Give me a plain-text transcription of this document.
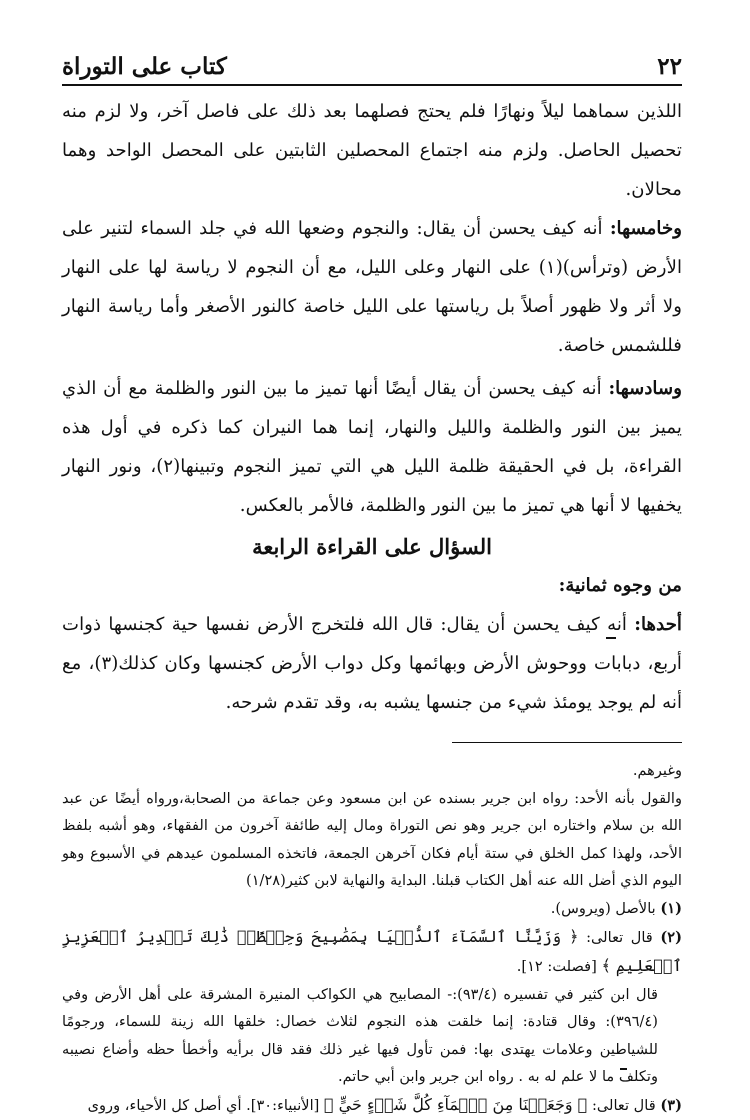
٢٢
كتاب على التوراة

اللذين سماهما ليلاً ونهارًا فلم يحتج فصلهما بعد ذلك على فاصل آخر، ولا لزم منه تحصيل الحاصل. ولزم منه اجتماع المحصلين الثابتين على المحصل الواحد وهما محالان.

وخامسها: أنه كيف يحسن أن يقال: والنجوم وضعها الله في جلد السماء لتنير على الأرض (وترأس)(١) على النهار وعلى الليل، مع أن النجوم لا رياسة لها على النهار ولا أثر ولا ظهور أصلاً بل رياستها على الليل خاصة كالنور الأصغر وأما رياسة النهار فللشمس خاصة.

وسادسها: أنه كيف يحسن أن يقال أيضًا أنها تميز ما بين النور والظلمة مع أن الذي يميز بين النور والظلمة والليل والنهار، إنما هما النيران كما ذكره في أول هذه القراءة، بل في الحقيقة ظلمة الليل هي التي تميز النجوم وتبينها(٢)، ونور النهار يخفيها لا أنها هي تميز ما بين النور والظلمة، فالأمر بالعكس.

السؤال على القراءة الرابعة
من وجوه ثمانية:

أحدها: أنه كيف يحسن أن يقال: قال الله فلتخرج الأرض نفسها حية كجنسها ذوات أربع، دبابات ووحوش الأرض وبهائمها وكل دواب الأرض كجنسها وكان كذلك(٣)، مع أنه لم يوجد يومئذ شيء من جنسها يشبه به، وقد تقدم شرحه.

وغيرهم.

والقول بأنه الأحد: رواه ابن جرير بسنده عن ابن مسعود وعن جماعة من الصحابة،ورواه أيضًا عن عبد الله بن سلام واختاره ابن جرير وهو نص التوراة ومال إليه طائفة آخرون من الفقهاء، وهو أشبه بلفظ الأحد، ولهذا كمل الخلق في ستة أيام فكان آخرهن الجمعة، فاتخذه المسلمون عيدهم في الأسبوع وهو اليوم الذي أضل الله عنه أهل الكتاب قبلنا. البداية والنهاية لابن كثير(١/٢٨)

(١) بالأصل (ويروس).

(٢) قال تعالى: ﴿ وَزَيَّنَّا ٱلسَّمَآءَ ٱلدُّنۡيَا بِمَصَٰبِيحَ وَحِفۡظًاۚ ذَٰلِكَ تَقۡدِيرُ ٱلۡعَزِيزِ ٱلۡعَلِيمِ ﴾ [فصلت: ١٢].

قال ابن كثير في تفسيره (٩٣/٤):- المصابيح هي الكواكب المنيرة المشرقة على أهل الأرض وفي (٣٩٦/٤): وقال قتادة: إنما خلقت هذه النجوم لثلاث خصال: خلقها الله زينة للسماء، ورجومًا للشياطين وعلامات يهتدى بها: فمن تأول فيها غير ذلك فقد قال برأيه وأخطأ حظه وأضاع نصيبه وتكلف ما لا علم له به . رواه ابن جرير وابن أبي حاتم.

(٣) قال تعالى: ﴿ وَجَعَلۡنَا مِنَ ٱلۡمَآءِ كُلَّ شَيۡءٍ حَيٍّ ﴾ [الأنبياء:٣٠]. أي أصل كل الأحياء، وروى
